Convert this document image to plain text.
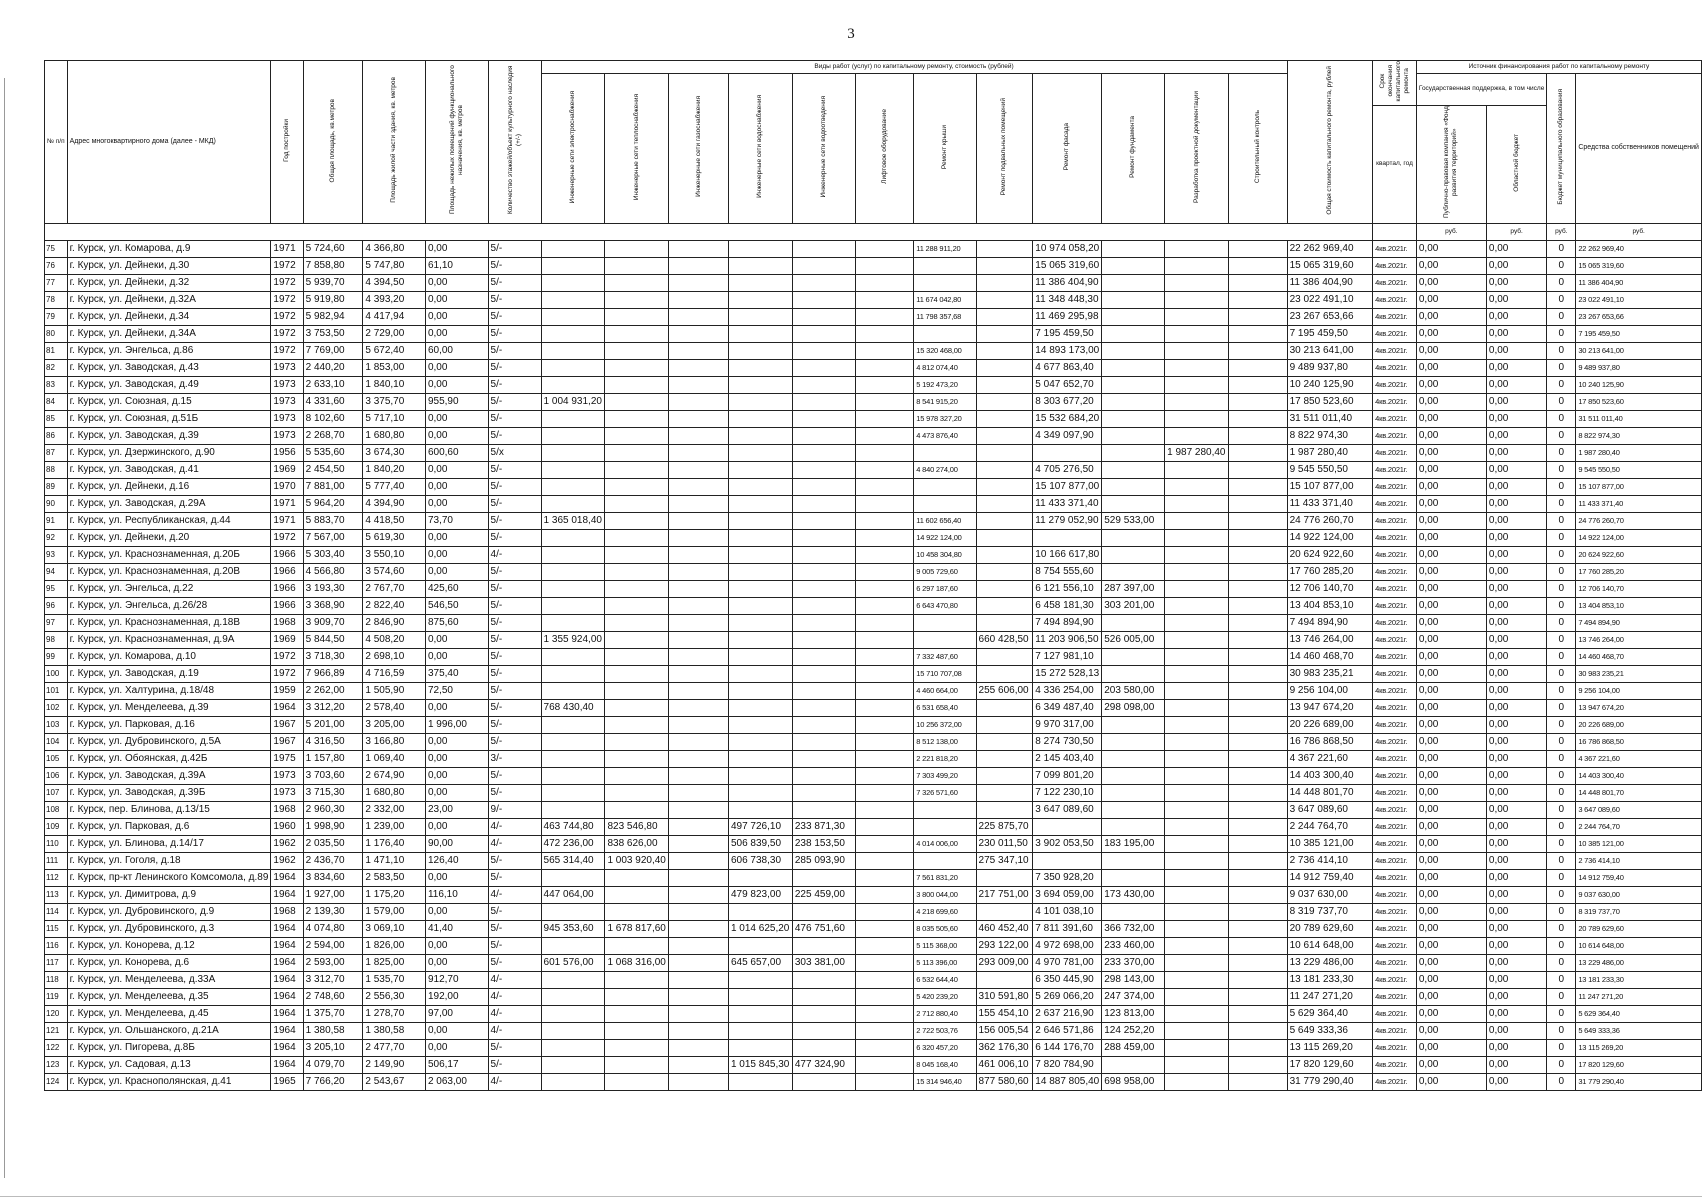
3
№ п/п	Адрес многоквартирного дома (далее - МКД)	Год постройки	Общая площадь, кв.метров	Площадь жилой части здания, кв. метров	Площадь нежилых помещений функционального назначения, кв. метров	Количество этажей/объект культурного наследия (+/-)	Виды работ (услуг) по капитальному ремонту, стоимость (рублей)												Общая стоимость капитального ремонта, рублей	Срок окончания капитального ремонта	Источник финансирования работ по капитальному ремонту			
							Инженерные сети электроснабжения	Инженерные сети теплоснабжения	Инженерные сети газоснабжения	Инженерные сети водоснабжения	Инженерные сети водоотведения	Лифтовое оборудование	Ремонт крыши	Ремонт подвальных помещений	Ремонт фасада	Ремонт фундамента	Разработка проектной документации	Строительный контроль			Государственная поддержка, в том числе		Бюджет муниципального образования	Средства собственников помещений
																				квартал, год	Публично-правовая компания «Фонд развития территорий»	Областной бюджет		
																					руб.	руб.	руб.	руб.
75	г. Курск, ул. Комарова, д.9	1971	5 724,60	4 366,80	0,00	5/-							11 288 911,20		10 974 058,20				22 262 969,40	4кв.2021г.	0,00	0,00	0	22 262 969,40
76	г. Курск, ул. Дейнеки, д.30	1972	7 858,80	5 747,80	61,10	5/-									15 065 319,60				15 065 319,60	4кв.2021г.	0,00	0,00	0	15 065 319,60
77	г. Курск, ул. Дейнеки, д.32	1972	5 939,70	4 394,50	0,00	5/-									11 386 404,90				11 386 404,90	4кв.2021г.	0,00	0,00	0	11 386 404,90
78	г. Курск, ул. Дейнеки, д.32А	1972	5 919,80	4 393,20	0,00	5/-							11 674 042,80		11 348 448,30				23 022 491,10	4кв.2021г.	0,00	0,00	0	23 022 491,10
79	г. Курск, ул. Дейнеки, д.34	1972	5 982,94	4 417,94	0,00	5/-							11 798 357,68		11 469 295,98				23 267 653,66	4кв.2021г.	0,00	0,00	0	23 267 653,66
80	г. Курск, ул. Дейнеки, д.34А	1972	3 753,50	2 729,00	0,00	5/-									7 195 459,50				7 195 459,50	4кв.2021г.	0,00	0,00	0	7 195 459,50
81	г. Курск, ул. Энгельса, д.86	1972	7 769,00	5 672,40	60,00	5/-							15 320 468,00		14 893 173,00				30 213 641,00	4кв.2021г.	0,00	0,00	0	30 213 641,00
82	г. Курск, ул. Заводская, д.43	1973	2 440,20	1 853,00	0,00	5/-							4 812 074,40		4 677 863,40				9 489 937,80	4кв.2021г.	0,00	0,00	0	9 489 937,80
83	г. Курск, ул. Заводская, д.49	1973	2 633,10	1 840,10	0,00	5/-							5 192 473,20		5 047 652,70				10 240 125,90	4кв.2021г.	0,00	0,00	0	10 240 125,90
84	г. Курск, ул. Союзная, д.15	1973	4 331,60	3 375,70	955,90	5/-	1 004 931,20						8 541 915,20		8 303 677,20				17 850 523,60	4кв.2021г.	0,00	0,00	0	17 850 523,60
85	г. Курск, ул. Союзная, д.51Б	1973	8 102,60	5 717,10	0,00	5/-							15 978 327,20		15 532 684,20				31 511 011,40	4кв.2021г.	0,00	0,00	0	31 511 011,40
86	г. Курск, ул. Заводская, д.39	1973	2 268,70	1 680,80	0,00	5/-							4 473 876,40		4 349 097,90				8 822 974,30	4кв.2021г.	0,00	0,00	0	8 822 974,30
87	г. Курск, ул. Дзержинского, д.90	1956	5 535,60	3 674,30	600,60	5/х											1 987 280,40		1 987 280,40	4кв.2021г.	0,00	0,00	0	1 987 280,40
88	г. Курск, ул. Заводская, д.41	1969	2 454,50	1 840,20	0,00	5/-							4 840 274,00		4 705 276,50				9 545 550,50	4кв.2021г.	0,00	0,00	0	9 545 550,50
89	г. Курск, ул. Дейнеки, д.16	1970	7 881,00	5 777,40	0,00	5/-									15 107 877,00				15 107 877,00	4кв.2021г.	0,00	0,00	0	15 107 877,00
90	г. Курск, ул. Заводская, д.29А	1971	5 964,20	4 394,90	0,00	5/-									11 433 371,40				11 433 371,40	4кв.2021г.	0,00	0,00	0	11 433 371,40
91	г. Курск, ул. Республиканская, д.44	1971	5 883,70	4 418,50	73,70	5/-	1 365 018,40						11 602 656,40		11 279 052,90	529 533,00			24 776 260,70	4кв.2021г.	0,00	0,00	0	24 776 260,70
92	г. Курск, ул. Дейнеки, д.20	1972	7 567,00	5 619,30	0,00	5/-							14 922 124,00						14 922 124,00	4кв.2021г.	0,00	0,00	0	14 922 124,00
93	г. Курск, ул. Краснознаменная, д.20Б	1966	5 303,40	3 550,10	0,00	4/-							10 458 304,80		10 166 617,80				20 624 922,60	4кв.2021г.	0,00	0,00	0	20 624 922,60
94	г. Курск, ул. Краснознаменная, д.20В	1966	4 566,80	3 574,60	0,00	5/-							9 005 729,60		8 754 555,60				17 760 285,20	4кв.2021г.	0,00	0,00	0	17 760 285,20
95	г. Курск, ул. Энгельса, д.22	1966	3 193,30	2 767,70	425,60	5/-							6 297 187,60		6 121 556,10	287 397,00			12 706 140,70	4кв.2021г.	0,00	0,00	0	12 706 140,70
96	г. Курск, ул. Энгельса, д.26/28	1966	3 368,90	2 822,40	546,50	5/-							6 643 470,80		6 458 181,30	303 201,00			13 404 853,10	4кв.2021г.	0,00	0,00	0	13 404 853,10
97	г. Курск, ул. Краснознаменная, д.18В	1968	3 909,70	2 846,90	875,60	5/-									7 494 894,90				7 494 894,90	4кв.2021г.	0,00	0,00	0	7 494 894,90
98	г. Курск, ул. Краснознаменная, д.9А	1969	5 844,50	4 508,20	0,00	5/-	1 355 924,00							660 428,50	11 203 906,50	526 005,00			13 746 264,00	4кв.2021г.	0,00	0,00	0	13 746 264,00
99	г. Курск, ул. Комарова, д.10	1972	3 718,30	2 698,10	0,00	5/-							7 332 487,60		7 127 981,10				14 460 468,70	4кв.2021г.	0,00	0,00	0	14 460 468,70
100	г. Курск, ул. Заводская, д.19	1972	7 966,89	4 716,59	375,40	5/-							15 710 707,08		15 272 528,13				30 983 235,21	4кв.2021г.	0,00	0,00	0	30 983 235,21
101	г. Курск, ул. Халтурина, д.18/48	1959	2 262,00	1 505,90	72,50	5/-							4 460 664,00	255 606,00	4 336 254,00	203 580,00			9 256 104,00	4кв.2021г.	0,00	0,00	0	9 256 104,00
102	г. Курск, ул. Менделеева, д.39	1964	3 312,20	2 578,40	0,00	5/-	768 430,40						6 531 658,40		6 349 487,40	298 098,00			13 947 674,20	4кв.2021г.	0,00	0,00	0	13 947 674,20
103	г. Курск, ул. Парковая, д.16	1967	5 201,00	3 205,00	1 996,00	5/-							10 256 372,00		9 970 317,00				20 226 689,00	4кв.2021г.	0,00	0,00	0	20 226 689,00
104	г. Курск, ул. Дубровинского, д.5А	1967	4 316,50	3 166,80	0,00	5/-							8 512 138,00		8 274 730,50				16 786 868,50	4кв.2021г.	0,00	0,00	0	16 786 868,50
105	г. Курск, ул. Обоянская, д.42Б	1975	1 157,80	1 069,40	0,00	3/-							2 221 818,20		2 145 403,40				4 367 221,60	4кв.2021г.	0,00	0,00	0	4 367 221,60
106	г. Курск, ул. Заводская, д.39А	1973	3 703,60	2 674,90	0,00	5/-							7 303 499,20		7 099 801,20				14 403 300,40	4кв.2021г.	0,00	0,00	0	14 403 300,40
107	г. Курск, ул. Заводская, д.39Б	1973	3 715,30	1 680,80	0,00	5/-							7 326 571,60		7 122 230,10				14 448 801,70	4кв.2021г.	0,00	0,00	0	14 448 801,70
108	г. Курск, пер. Блинова, д.13/15	1968	2 960,30	2 332,00	23,00	9/-									3 647 089,60				3 647 089,60	4кв.2021г.	0,00	0,00	0	3 647 089,60
109	г. Курск, ул. Парковая, д.6	1960	1 998,90	1 239,00	0,00	4/-	463 744,80	823 546,80		497 726,10	233 871,30			225 875,70					2 244 764,70	4кв.2021г.	0,00	0,00	0	2 244 764,70
110	г. Курск, ул. Блинова, д.14/17	1962	2 035,50	1 176,40	90,00	4/-	472 236,00	838 626,00		506 839,50	238 153,50		4 014 006,00	230 011,50	3 902 053,50	183 195,00			10 385 121,00	4кв.2021г.	0,00	0,00	0	10 385 121,00
111	г. Курск, ул. Гоголя, д.18	1962	2 436,70	1 471,10	126,40	5/-	565 314,40	1 003 920,40		606 738,30	285 093,90			275 347,10					2 736 414,10	4кв.2021г.	0,00	0,00	0	2 736 414,10
112	г. Курск, пр-кт Ленинского Комсомола, д.89	1964	3 834,60	2 583,50	0,00	5/-							7 561 831,20		7 350 928,20				14 912 759,40	4кв.2021г.	0,00	0,00	0	14 912 759,40
113	г. Курск, ул. Димитрова, д.9	1964	1 927,00	1 175,20	116,10	4/-	447 064,00			479 823,00	225 459,00		3 800 044,00	217 751,00	3 694 059,00	173 430,00			9 037 630,00	4кв.2021г.	0,00	0,00	0	9 037 630,00
114	г. Курск, ул. Дубровинского, д.9	1968	2 139,30	1 579,00	0,00	5/-							4 218 699,60		4 101 038,10				8 319 737,70	4кв.2021г.	0,00	0,00	0	8 319 737,70
115	г. Курск, ул. Дубровинского, д.3	1964	4 074,80	3 069,10	41,40	5/-	945 353,60	1 678 817,60		1 014 625,20	476 751,60		8 035 505,60	460 452,40	7 811 391,60	366 732,00			20 789 629,60	4кв.2021г.	0,00	0,00	0	20 789 629,60
116	г. Курск, ул. Конорева, д.12	1964	2 594,00	1 826,00	0,00	5/-							5 115 368,00	293 122,00	4 972 698,00	233 460,00			10 614 648,00	4кв.2021г.	0,00	0,00	0	10 614 648,00
117	г. Курск, ул. Конорева, д.6	1964	2 593,00	1 825,00	0,00	5/-	601 576,00	1 068 316,00		645 657,00	303 381,00		5 113 396,00	293 009,00	4 970 781,00	233 370,00			13 229 486,00	4кв.2021г.	0,00	0,00	0	13 229 486,00
118	г. Курск, ул. Менделеева, д.33А	1964	3 312,70	1 535,70	912,70	4/-							6 532 644,40		6 350 445,90	298 143,00			13 181 233,30	4кв.2021г.	0,00	0,00	0	13 181 233,30
119	г. Курск, ул. Менделеева, д.35	1964	2 748,60	2 556,30	192,00	4/-							5 420 239,20	310 591,80	5 269 066,20	247 374,00			11 247 271,20	4кв.2021г.	0,00	0,00	0	11 247 271,20
120	г. Курск, ул. Менделеева, д.45	1964	1 375,70	1 278,70	97,00	4/-							2 712 880,40	155 454,10	2 637 216,90	123 813,00			5 629 364,40	4кв.2021г.	0,00	0,00	0	5 629 364,40
121	г. Курск, ул. Ольшанского, д.21А	1964	1 380,58	1 380,58	0,00	4/-							2 722 503,76	156 005,54	2 646 571,86	124 252,20			5 649 333,36	4кв.2021г.	0,00	0,00	0	5 649 333,36
122	г. Курск, ул. Пигорева, д.8Б	1964	3 205,10	2 477,70	0,00	5/-							6 320 457,20	362 176,30	6 144 176,70	288 459,00			13 115 269,20	4кв.2021г.	0,00	0,00	0	13 115 269,20
123	г. Курск, ул. Садовая, д.13	1964	4 079,70	2 149,90	506,17	5/-				1 015 845,30	477 324,90		8 045 168,40	461 006,10	7 820 784,90				17 820 129,60	4кв.2021г.	0,00	0,00	0	17 820 129,60
124	г. Курск, ул. Краснополянская, д.41	1965	7 766,20	2 543,67	2 063,00	4/-							15 314 946,40	877 580,60	14 887 805,40	698 958,00			31 779 290,40	4кв.2021г.	0,00	0,00	0	31 779 290,40
